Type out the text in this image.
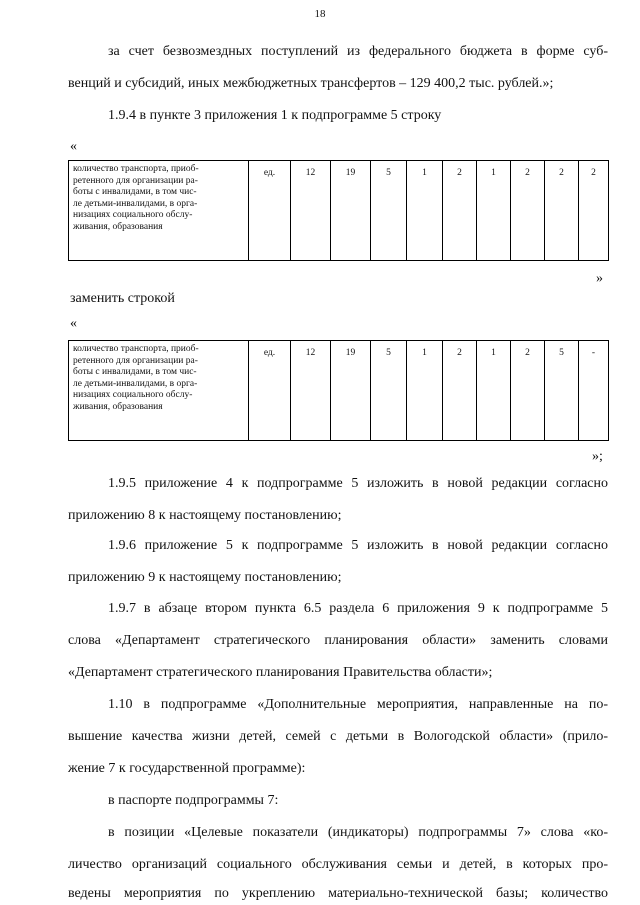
18
за счет безвозмездных поступлений из федерального бюджета в форме суб-
венций и субсидий, иных межбюджетных трансфертов – 129 400,2 тыс. рублей.»;
1.9.4 в пункте 3 приложения 1 к подпрограмме 5 строку
«
количество транспорта, приоб-
ретенного для организации ра-
боты с инвалидами, в том чис-
ле детьми-инвалидами, в орга-
низациях социального обслу-
живания, образования
	ед.	12	19	5	1	2	1	2	2	2
»
заменить строкой
«
количество транспорта, приоб-
ретенного для организации ра-
боты с инвалидами, в том чис-
ле детьми-инвалидами, в орга-
низациях социального обслу-
живания, образования
	ед.	12	19	5	1	2	1	2	5	-
»;
1.9.5 приложение 4 к подпрограмме 5 изложить в новой редакции согласно
приложению 8 к настоящему постановлению;
1.9.6 приложение 5 к подпрограмме 5 изложить в новой редакции согласно
приложению 9 к настоящему постановлению;
1.9.7 в абзаце втором пункта 6.5 раздела 6 приложения 9 к подпрограмме 5
слова «Департамент стратегического планирования области» заменить словами
«Департамент стратегического планирования Правительства области»;
1.10 в подпрограмме «Дополнительные мероприятия, направленные на по-
вышение качества жизни детей, семей с детьми в Вологодской области» (прило-
жение 7 к государственной программе):
в паспорте подпрограммы 7:
в позиции «Целевые показатели (индикаторы) подпрограммы 7» слова «ко-
личество организаций социального обслуживания семьи и детей, в которых про-
ведены мероприятия по укреплению материально-технической базы; количество
